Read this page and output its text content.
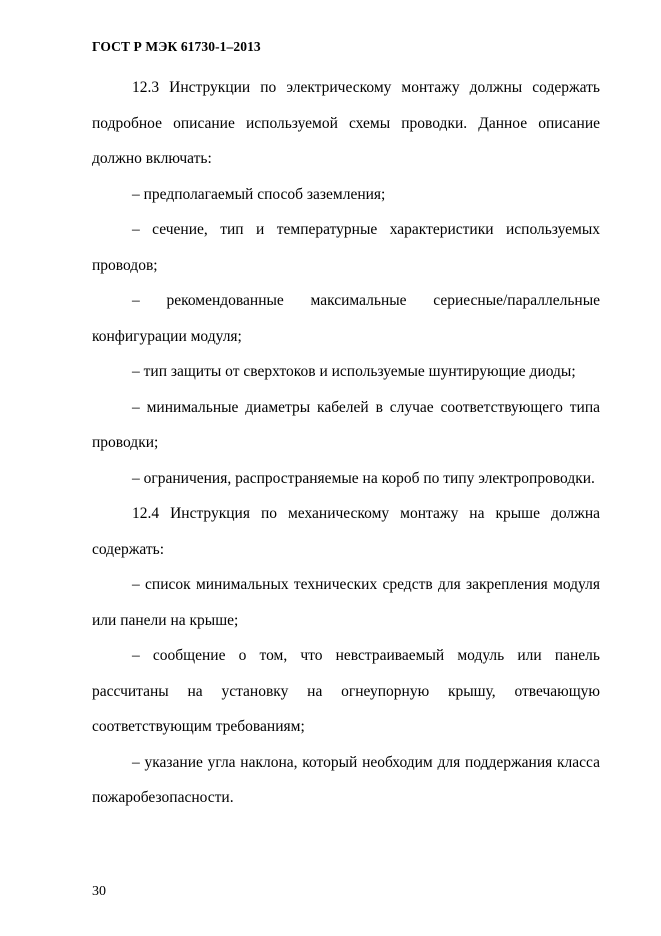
ГОСТ Р МЭК 61730-1–2013

12.3 Инструкции по электрическому монтажу должны содержать подробное описание используемой схемы проводки. Данное описание должно включать:

– предполагаемый способ заземления;

– сечение, тип и температурные характеристики используемых проводов;

– рекомендованные максимальные сериесные/параллельные конфигурации модуля;

– тип защиты от сверхтоков и используемые шунтирующие диоды;

– минимальные диаметры кабелей в случае соответствующего типа проводки;

– ограничения, распространяемые на короб по типу электропроводки.

12.4 Инструкция по механическому монтажу на крыше должна содержать:

– список минимальных технических средств для закрепления модуля или панели на крыше;

– сообщение о том, что невстраиваемый модуль или панель рассчитаны на установку на огнеупорную крышу, отвечающую соответствующим требованиям;

– указание угла наклона, который необходим для поддержания класса пожаробезопасности.

30
